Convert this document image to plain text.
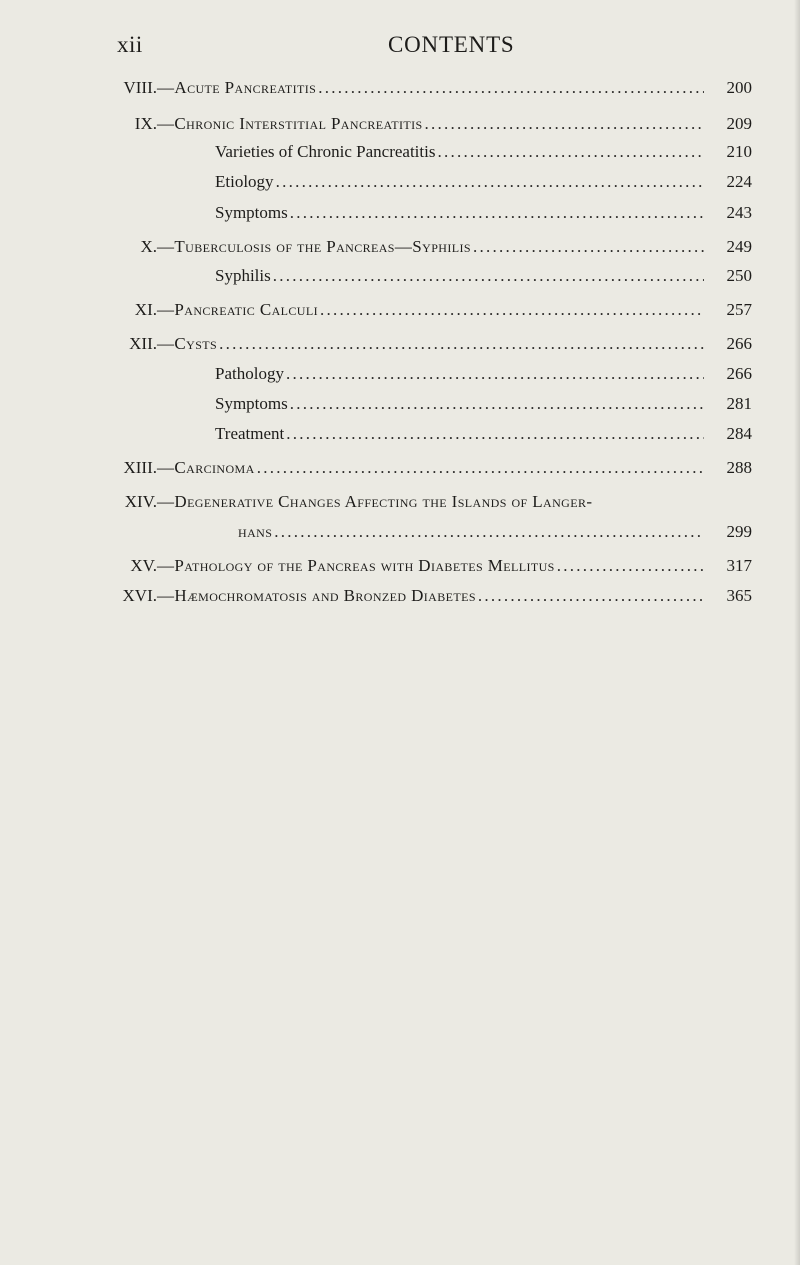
xii	CONTENTS
VIII. —Acute Pancreatitis . . .	200
IX. —Chronic Interstitial Pancreatitis . . .	209
Varieties of Chronic Pancreatitis . . .	210
Etiology . . .	224
Symptoms . . .	243
X. —Tuberculosis of the Pancreas—Syphilis . . .	249
Syphilis . . .	250
XI. —Pancreatic Calculi . . .	257
XII. —Cysts . . .	266
Pathology . . .	266
Symptoms . . .	281
Treatment . . .	284
XIII. —Carcinoma . . .	288
XIV. —Degenerative Changes Affecting the Islands of Langer-
hans . . .	299
XV. —Pathology of the Pancreas with Diabetes Mellitus . . .	317
XVI. —Hæmochromatosis and Bronzed Diabetes . . .	365
